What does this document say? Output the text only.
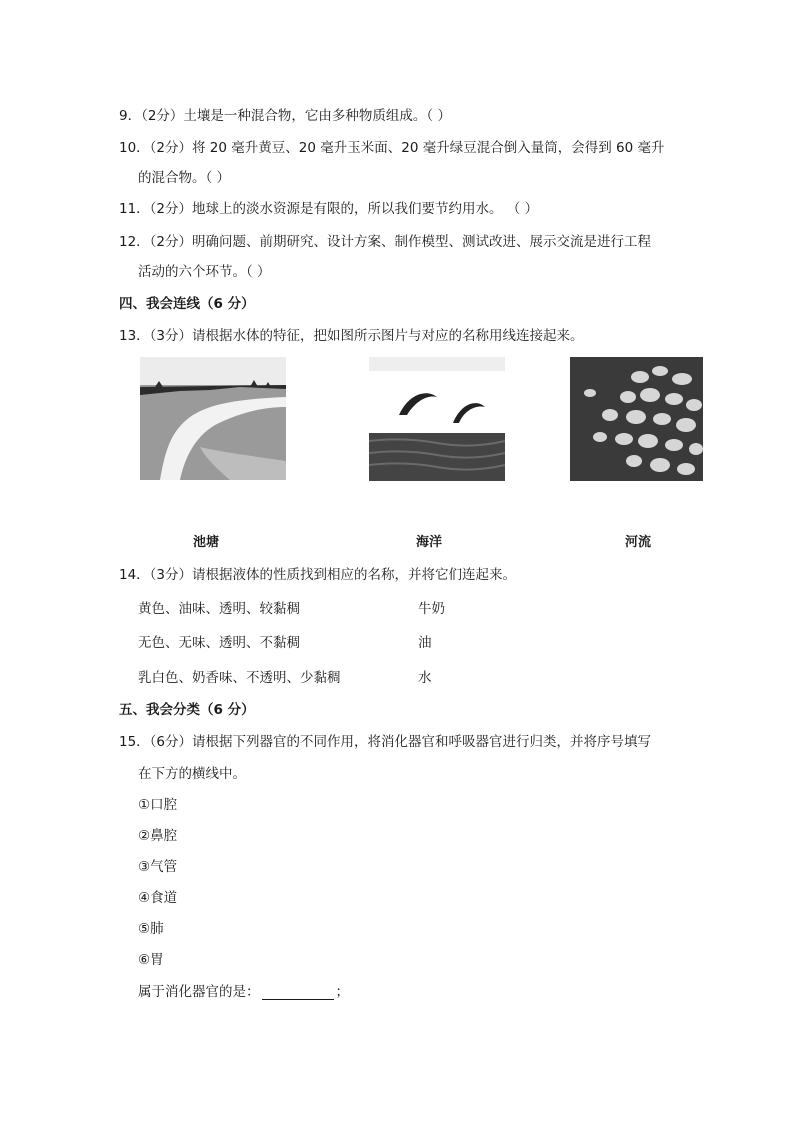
9．（2分）土壤是一种混合物，它由多种物质组成。（ ）
10．（2分）将 20 毫升黄豆、20 毫升玉米面、20 毫升绿豆混合倒入量筒，会得到 60 毫升
的混合物。（ ）
11．（2分）地球上的淡水资源是有限的，所以我们要节约用水。 （ ）
12．（2分）明确问题、前期研究、设计方案、制作模型、测试改进、展示交流是进行工程
活动的六个环节。（ ）
四、我会连线（6 分）
13．（3分）请根据水体的特征，把如图所示图片与对应的名称用线连接起来。
池塘	海洋	河流
14．（3分）请根据液体的性质找到相应的名称，并将它们连起来。
黄色、油味、透明、较黏稠	牛奶
无色、无味、透明、不黏稠	油
乳白色、奶香味、不透明、少黏稠	水
五、我会分类（6 分）
15．（6分）请根据下列器官的不同作用，将消化器官和呼吸器官进行归类，并将序号填写
在下方的横线中。
①口腔
②鼻腔
③气管
④食道
⑤肺
⑥胃
属于消化器官的是：	；
